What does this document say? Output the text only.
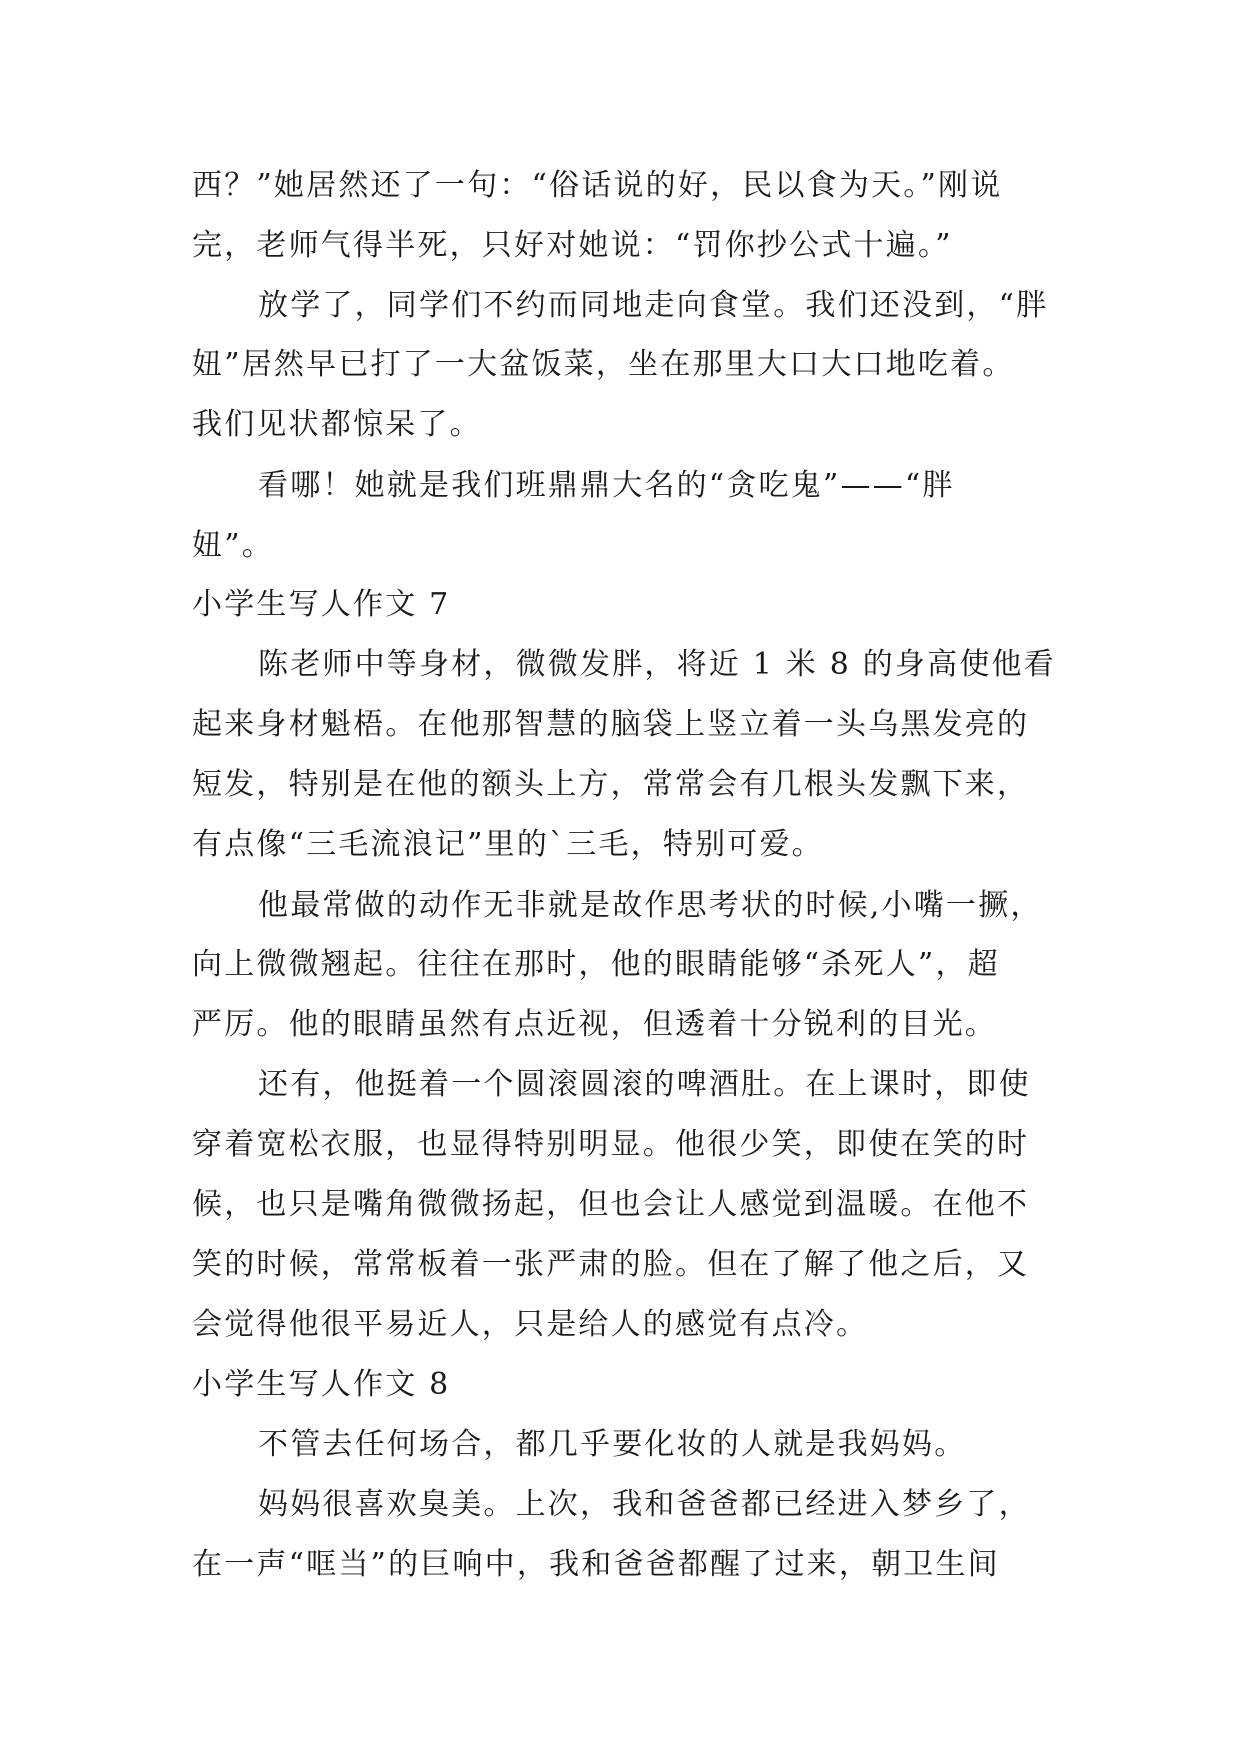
西？”她居然还了一句：“俗话说的好，民以食为天。”刚说
完，老师气得半死，只好对她说：“罚你抄公式十遍。”
放学了，同学们不约而同地走向食堂。我们还没到，“胖
妞”居然早已打了一大盆饭菜，坐在那里大口大口地吃着。
我们见状都惊呆了。
看哪！她就是我们班鼎鼎大名的“贪吃鬼”——“胖
妞”。
小学生写人作文 7
陈老师中等身材，微微发胖，将近 1 米 8 的身高使他看
起来身材魁梧。在他那智慧的脑袋上竖立着一头乌黑发亮的
短发，特别是在他的额头上方，常常会有几根头发飘下来，
有点像“三毛流浪记”里的`三毛，特别可爱。
他最常做的动作无非就是故作思考状的时候,小嘴一撅，
向上微微翘起。往往在那时，他的眼睛能够“杀死人”，超
严厉。他的眼睛虽然有点近视，但透着十分锐利的目光。
还有，他挺着一个圆滚圆滚的啤酒肚。在上课时，即使
穿着宽松衣服，也显得特别明显。他很少笑，即使在笑的时
候，也只是嘴角微微扬起，但也会让人感觉到温暖。在他不
笑的时候，常常板着一张严肃的脸。但在了解了他之后，又
会觉得他很平易近人，只是给人的感觉有点冷。
小学生写人作文 8
不管去任何场合，都几乎要化妆的人就是我妈妈。
妈妈很喜欢臭美。上次，我和爸爸都已经进入梦乡了，
在一声“哐当”的巨响中，我和爸爸都醒了过来，朝卫生间
